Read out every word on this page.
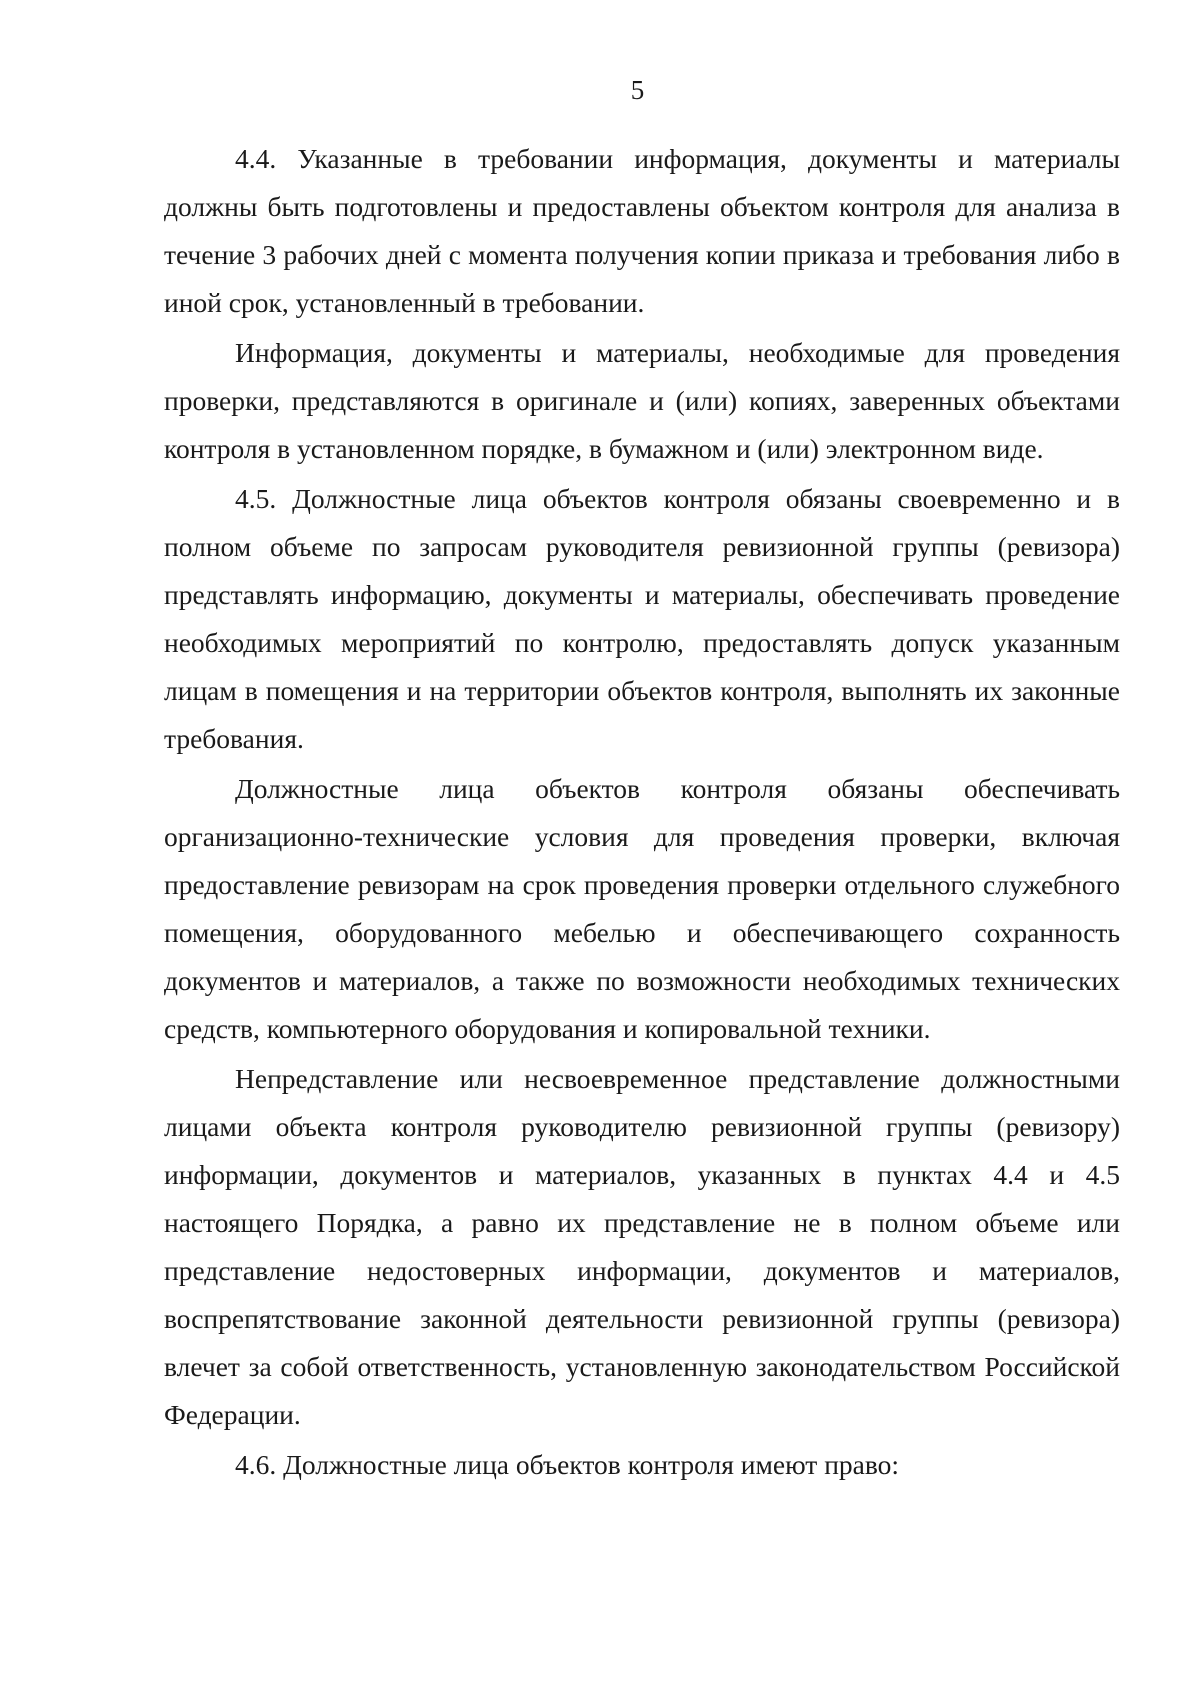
5

4.4. Указанные в требовании информация, документы и материалы должны быть подготовлены и предоставлены объектом контроля для анализа в течение 3 рабочих дней с момента получения копии приказа и требования либо в иной срок, установленный в требовании.

Информация, документы и материалы, необходимые для проведения проверки, представляются в оригинале и (или) копиях, заверенных объектами контроля в установленном порядке, в бумажном и (или) электронном виде.

4.5. Должностные лица объектов контроля обязаны своевременно и в полном объеме по запросам руководителя ревизионной группы (ревизора) представлять информацию, документы и материалы, обеспечивать проведение необходимых мероприятий по контролю, предоставлять допуск указанным лицам в помещения и на территории объектов контроля, выполнять их законные требования.

Должностные лица объектов контроля обязаны обеспечивать организационно-технические условия для проведения проверки, включая предоставление ревизорам на срок проведения проверки отдельного служебного помещения, оборудованного мебелью и обеспечивающего сохранность документов и материалов, а также по возможности необходимых технических средств, компьютерного оборудования и копировальной техники.

Непредставление или несвоевременное представление должностными лицами объекта контроля руководителю ревизионной группы (ревизору) информации, документов и материалов, указанных в пунктах 4.4 и 4.5 настоящего Порядка, а равно их представление не в полном объеме или представление недостоверных информации, документов и материалов, воспрепятствование законной деятельности ревизионной группы (ревизора) влечет за собой ответственность, установленную законодательством Российской Федерации.

4.6. Должностные лица объектов контроля имеют право:
